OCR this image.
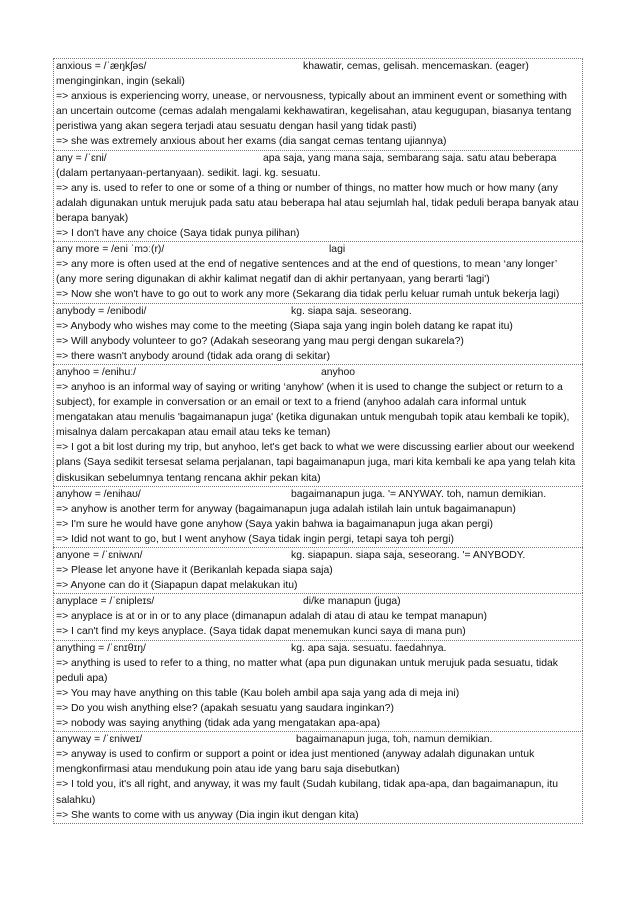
anxious = /ˈæŋkʃəs/	khawatir, cemas, gelisah. mencemaskan. (eager)
menginginkan, ingin (sekali)
=> anxious is experiencing worry, unease, or nervousness, typically about an imminent event or something with an uncertain outcome (cemas adalah mengalami kekhawatiran, kegelisahan, atau kegugupan, biasanya tentang peristiwa yang akan segera terjadi atau sesuatu dengan hasil yang tidak pasti)
=> she was extremely anxious about her exams (dia sangat cemas tentang ujiannya)
any = /ˈɛni/	apa saja, yang mana saja, sembarang saja. satu atau beberapa
(dalam pertanyaan-pertanyaan). sedikit. lagi. kg. sesuatu.
=> any is. used to refer to one or some of a thing or number of things, no matter how much or how many (any adalah digunakan untuk merujuk pada satu atau beberapa hal atau sejumlah hal, tidak peduli berapa banyak atau berapa banyak)
=> I don't have any choice (Saya tidak punya pilihan)
any more = /eni ˈmɔː(r)/	lagi
=> any more is often used at the end of negative sentences and at the end of questions, to mean ‘any longer’ (any more sering digunakan di akhir kalimat negatif dan di akhir pertanyaan, yang berarti 'lagi')
=> Now she won't have to go out to work any more (Sekarang dia tidak perlu keluar rumah untuk bekerja lagi)
anybody = /enibodi/	kg. siapa saja. seseorang.
=> Anybody who wishes may come to the meeting (Siapa saja yang ingin boleh datang ke rapat itu)
=> Will anybody volunteer to go? (Adakah seseorang yang mau pergi dengan sukarela?)
=> there wasn't anybody around (tidak ada orang di sekitar)
anyhoo = /enihuː/	anyhoo
=> anyhoo is an informal way of saying or writing ‘anyhow’ (when it is used to change the subject or return to a subject), for example in conversation or an email or text to a friend (anyhoo adalah cara informal untuk mengatakan atau menulis 'bagaimanapun juga' (ketika digunakan untuk mengubah topik atau kembali ke topik), misalnya dalam percakapan atau email atau teks ke teman)
=> I got a bit lost during my trip, but anyhoo, let's get back to what we were discussing earlier about our weekend plans (Saya sedikit tersesat selama perjalanan, tapi bagaimanapun juga, mari kita kembali ke apa yang telah kita diskusikan sebelumnya tentang rencana akhir pekan kita)
anyhow = /enihaʊ/	bagaimanapun juga. '= ANYWAY. toh, namun demikian.
=> anyhow is another term for anyway (bagaimanapun juga adalah istilah lain untuk bagaimanapun)
=> I'm sure he would have gone anyhow (Saya yakin bahwa ia bagaimanapun juga akan pergi)
=> Idid not want to go, but I went anyhow (Saya tidak ingin pergi, tetapi saya toh pergi)
anyone = /ˈɛniwʌn/	kg. siapapun. siapa saja, seseorang. '= ANYBODY.
=> Please let anyone have it (Berikanlah kepada siapa saja)
=> Anyone can do it (Siapapun dapat melakukan itu)
anyplace = /ˈɛnipleɪs/	di/ke manapun (juga)
=> anyplace is at or in or to any place (dimanapun adalah di atau di atau ke tempat manapun)
=> I can't find my keys anyplace. (Saya tidak dapat menemukan kunci saya di mana pun)
anything = /ˈɛnɪθɪŋ/	kg. apa saja. sesuatu. faedahnya.
=> anything is used to refer to a thing, no matter what (apa pun digunakan untuk merujuk pada sesuatu, tidak peduli apa)
=> You may have anything on this table (Kau boleh ambil apa saja yang ada di meja ini)
=> Do you wish anything else? (apakah sesuatu yang saudara inginkan?)
=> nobody was saying anything (tidak ada yang mengatakan apa-apa)
anyway = /ˈɛniweɪ/	bagaimanapun juga, toh, namun demikian.
=> anyway is used to confirm or support a point or idea just mentioned (anyway adalah digunakan untuk mengkonfirmasi atau mendukung poin atau ide yang baru saja disebutkan)
=> I told you, it's all right, and anyway, it was my fault (Sudah kubilang, tidak apa-apa, dan bagaimanapun, itu salahku)
=> She wants to come with us anyway (Dia ingin ikut dengan kita)
